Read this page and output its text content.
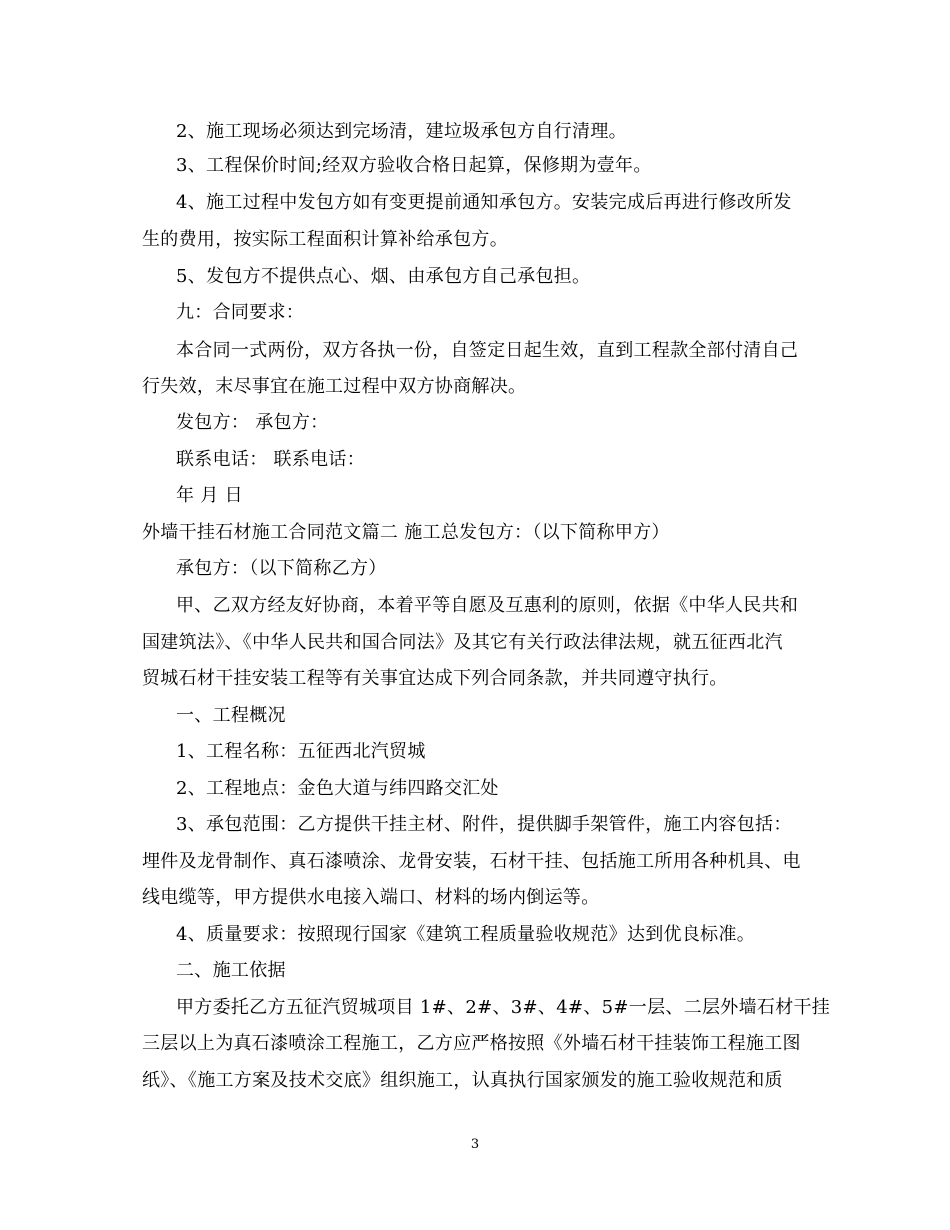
2、施工现场必须达到完场清，建垃圾承包方自行清理。
3、工程保价时间;经双方验收合格日起算，保修期为壹年。
4、施工过程中发包方如有变更提前通知承包方。安装完成后再进行修改所发
生的费用，按实际工程面积计算补给承包方。
5、发包方不提供点心、烟、由承包方自己承包担。
九：合同要求：
本合同一式两份，双方各执一份，自签定日起生效，直到工程款全部付清自己
行失效，末尽事宜在施工过程中双方协商解决。
发包方： 承包方：
联系电话： 联系电话：
年 月 日
外墙干挂石材施工合同范文篇二 施工总发包方：（以下简称甲方）
承包方：（以下简称乙方）
甲、乙双方经友好协商，本着平等自愿及互惠利的原则，依据《中华人民共和
国建筑法》、《中华人民共和国合同法》及其它有关行政法律法规，就五征西北汽
贸城石材干挂安装工程等有关事宜达成下列合同条款，并共同遵守执行。
一、工程概况
1、工程名称：五征西北汽贸城
2、工程地点：金色大道与纬四路交汇处
3、承包范围：乙方提供干挂主材、附件，提供脚手架管件，施工内容包括：
埋件及龙骨制作、真石漆喷涂、龙骨安装，石材干挂、包括施工所用各种机具、电
线电缆等，甲方提供水电接入端口、材料的场内倒运等。
4、质量要求：按照现行国家《建筑工程质量验收规范》达到优良标准。
二、施工依据
甲方委托乙方五征汽贸城项目 1#、2#、3#、4#、5#一层、二层外墙石材干挂
三层以上为真石漆喷涂工程施工，乙方应严格按照《外墙石材干挂装饰工程施工图
纸》、《施工方案及技术交底》组织施工，认真执行国家颁发的施工验收规范和质
3
